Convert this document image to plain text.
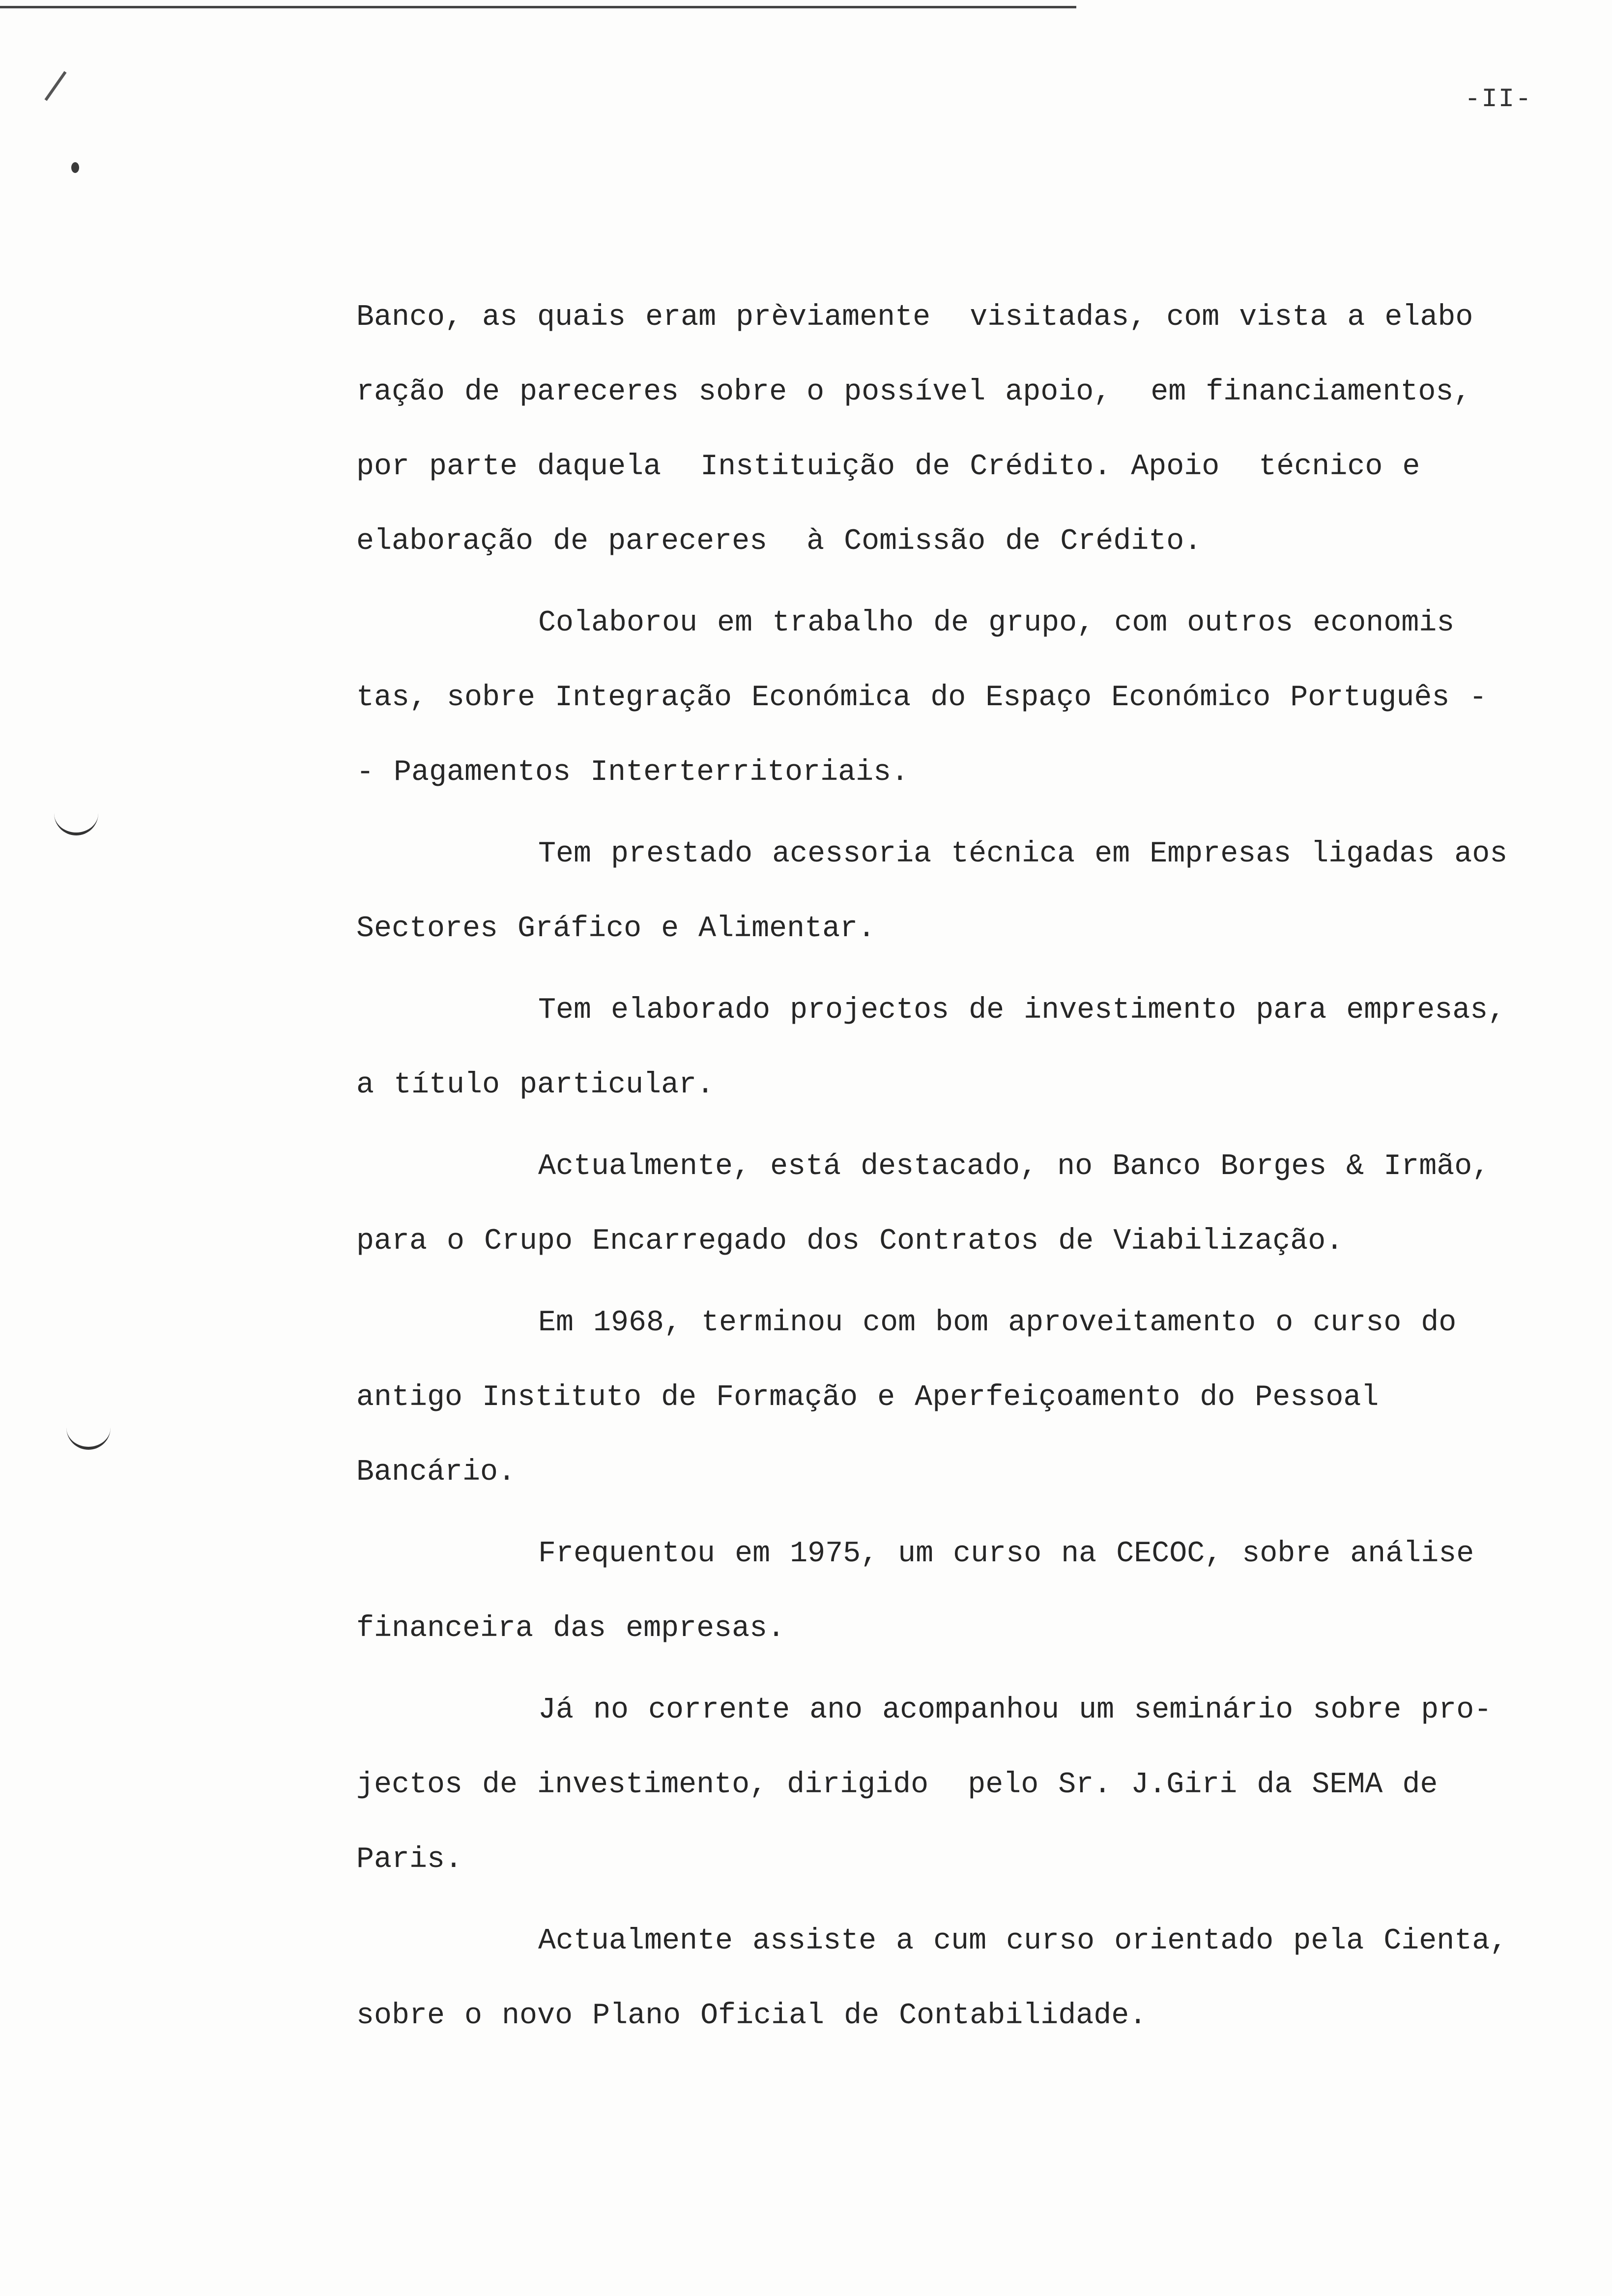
-II-

Banco, as quais eram prèviamente  visitadas, com vista a elabo ração de pareceres sobre o possível apoio,  em financiamentos, por parte daquela  Instituição de Crédito. Apoio  técnico e elaboração de pareceres  à Comissão de Crédito.

Colaborou em trabalho de grupo, com outros economis tas, sobre Integração Económica do Espaço Económico Português - - Pagamentos Interterritoriais.

Tem prestado acessoria técnica em Empresas ligadas aos Sectores Gráfico e Alimentar.

Tem elaborado projectos de investimento para empresas, a título particular.

Actualmente, está destacado, no Banco Borges & Irmão, para o Crupo Encarregado dos Contratos de Viabilização.

Em 1968, terminou com bom aproveitamento o curso do antigo Instituto de Formação e Aperfeiçoamento do Pessoal  Bancário.

Frequentou em 1975, um curso na CECOC, sobre análise financeira das empresas.

Já no corrente ano acompanhou um seminário sobre pro- jectos de investimento, dirigido  pelo Sr. J.Giri da SEMA de Paris.

Actualmente assiste a cum curso orientado pela Cienta, sobre o novo Plano Oficial de Contabilidade.
